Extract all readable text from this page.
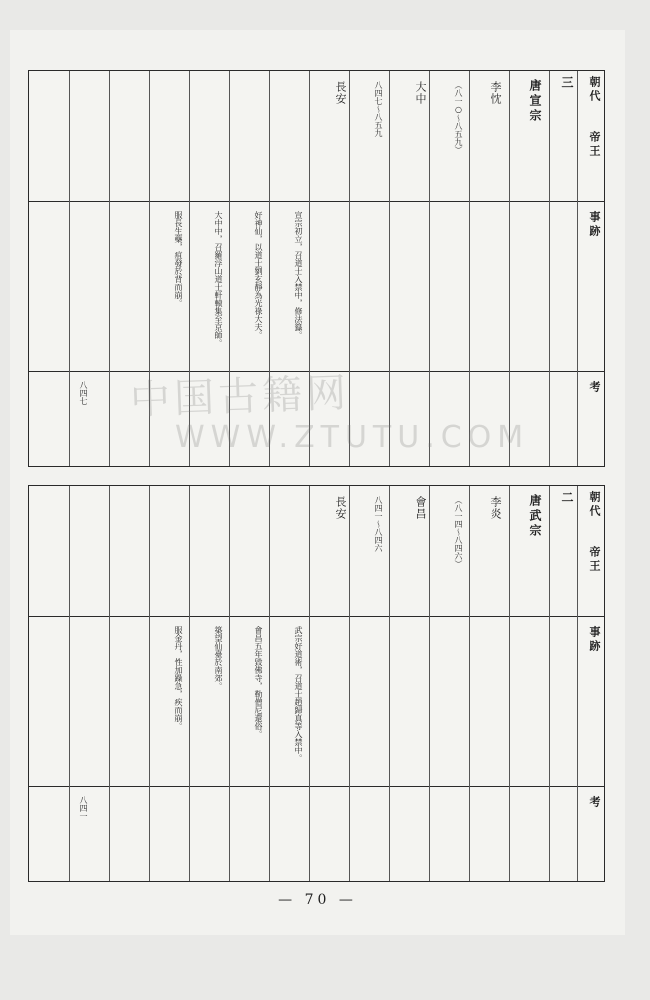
朝代
帝王
事跡
考
三
唐宣宗
李忱
（八一○～八五九）
大中
八四七～八五九
長安
宣宗初立，召道士入禁中，修法籙。
好神仙，以道士劉玄靜為光祿大夫。
大中中，召羅浮山道士軒轅集至京師。
服長生藥，疽發於背而崩。
八四七
朝代
帝王
事跡
考
二
唐武宗
李炎
（八一四～八四六）
會昌
八四一～八四六
長安
武宗好道術，召道士趙歸真等入禁中。
會昌五年毀佛寺，勒僧尼還俗。
築望仙臺於南郊。
服金丹，性加躁急，疾而崩。
八四一
中国古籍网
WWW.ZTUTU.COM
— 70 —
